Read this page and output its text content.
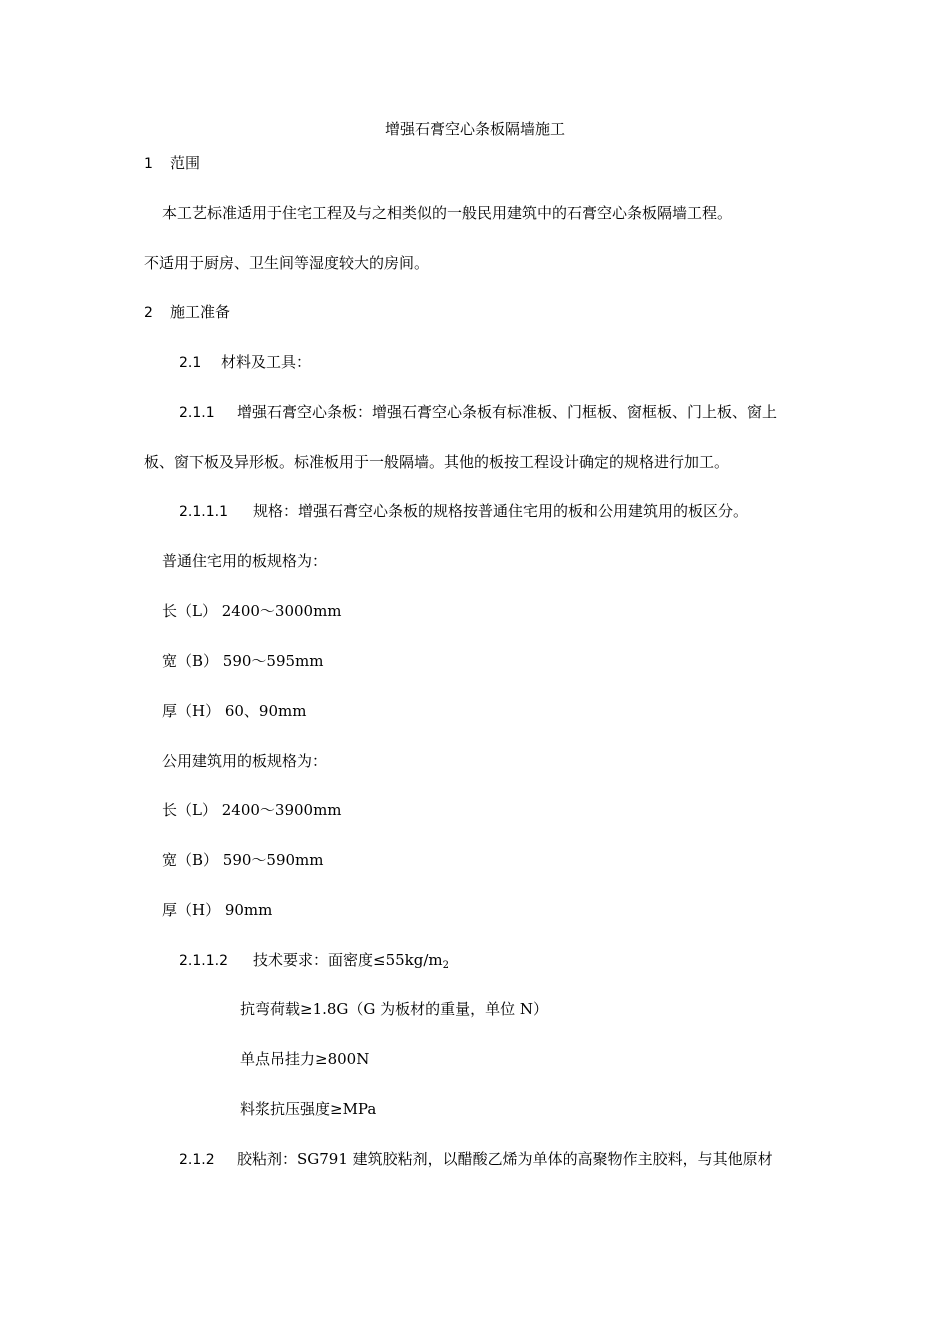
增强石膏空心条板隔墙施工
1 范围
本工艺标准适用于住宅工程及与之相类似的一般民用建筑中的石膏空心条板隔墙工程。
不适用于厨房、卫生间等湿度较大的房间。
2 施工准备
2.1 材料及工具：
2.1.1 增强石膏空心条板：增强石膏空心条板有标准板、门框板、窗框板、门上板、窗上
板、窗下板及异形板。标准板用于一般隔墙。其他的板按工程设计确定的规格进行加工。
2.1.1.1 规格：增强石膏空心条板的规格按普通住宅用的板和公用建筑用的板区分。
普通住宅用的板规格为：
长（L） 2400～3000mm
宽（B） 590～595mm
厚（H） 60、90mm
公用建筑用的板规格为：
长（L） 2400～3900mm
宽（B） 590～590mm
厚（H） 90mm
2.1.1.2 技术要求：面密度$\le 55kg/m_2$
抗弯荷载≥1.8G（G 为板材的重量，单位 N）
单点吊挂力≥800N
料浆抗压强度≥MPa
2.1.2 胶粘剂：SG791 建筑胶粘剂，以醋酸乙烯为单体的高聚物作主胶料，与其他原材
